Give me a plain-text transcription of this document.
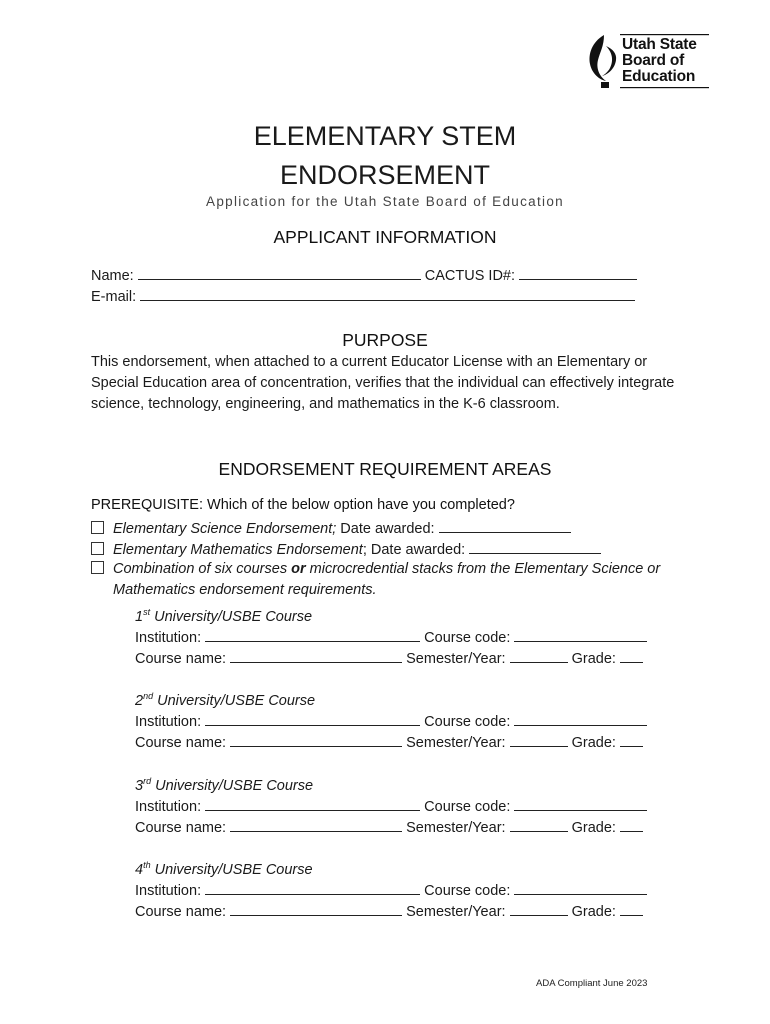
Utah State
Board of
Education
ELEMENTARY STEM
ENDORSEMENT
Application for the Utah State Board of Education
APPLICANT INFORMATION
Name:	CACTUS ID#:
E-mail:
PURPOSE
This endorsement, when attached to a current Educator License with an Elementary or Special Education area of concentration, verifies that the individual can effectively integrate science, technology, engineering, and mathematics in the K-6 classroom.
ENDORSEMENT REQUIREMENT AREAS
PREREQUISITE: Which of the below option have you completed?
Elementary Science Endorsement; Date awarded:
Elementary Mathematics Endorsement; Date awarded:
Combination of six courses or microcredential stacks from the Elementary Science or
Mathematics endorsement requirements.
1st University/USBE Course
Institution:	Course code:
Course name:	Semester/Year:	Grade:
2nd University/USBE Course
Institution:	Course code:
Course name:	Semester/Year:	Grade:
3rd University/USBE Course
Institution:	Course code:
Course name:	Semester/Year:	Grade:
4th University/USBE Course
Institution:	Course code:
Course name:	Semester/Year:	Grade:
ADA Compliant June 2023
